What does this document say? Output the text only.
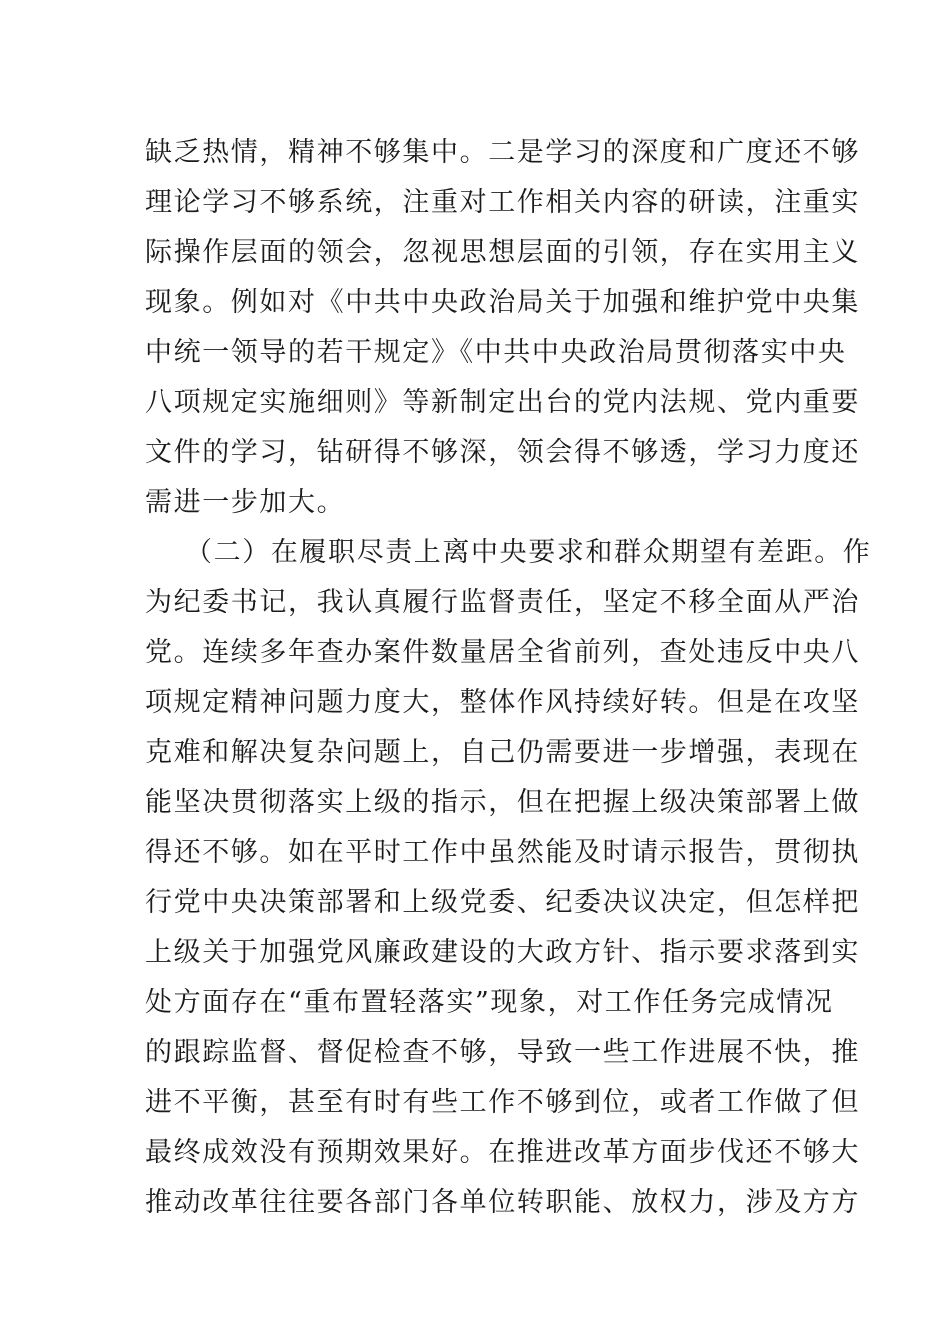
缺乏热情，精神不够集中。二是学习的深度和广度还不够
理论学习不够系统，注重对工作相关内容的研读，注重实
际操作层面的领会，忽视思想层面的引领，存在实用主义
现象。例如对《中共中央政治局关于加强和维护党中央集
中统一领导的若干规定》《中共中央政治局贯彻落实中央
八项规定实施细则》等新制定出台的党内法规、党内重要
文件的学习，钻研得不够深，领会得不够透，学习力度还
需进一步加大。
（二）在履职尽责上离中央要求和群众期望有差距。作
为纪委书记，我认真履行监督责任，坚定不移全面从严治
党。连续多年查办案件数量居全省前列，查处违反中央八
项规定精神问题力度大，整体作风持续好转。但是在攻坚
克难和解决复杂问题上，自己仍需要进一步增强，表现在
能坚决贯彻落实上级的指示，但在把握上级决策部署上做
得还不够。如在平时工作中虽然能及时请示报告，贯彻执
行党中央决策部署和上级党委、纪委决议决定，但怎样把
上级关于加强党风廉政建设的大政方针、指示要求落到实
处方面存在“重布置轻落实”现象，对工作任务完成情况
的跟踪监督、督促检查不够，导致一些工作进展不快，推
进不平衡，甚至有时有些工作不够到位，或者工作做了但
最终成效没有预期效果好。在推进改革方面步伐还不够大
推动改革往往要各部门各单位转职能、放权力，涉及方方
